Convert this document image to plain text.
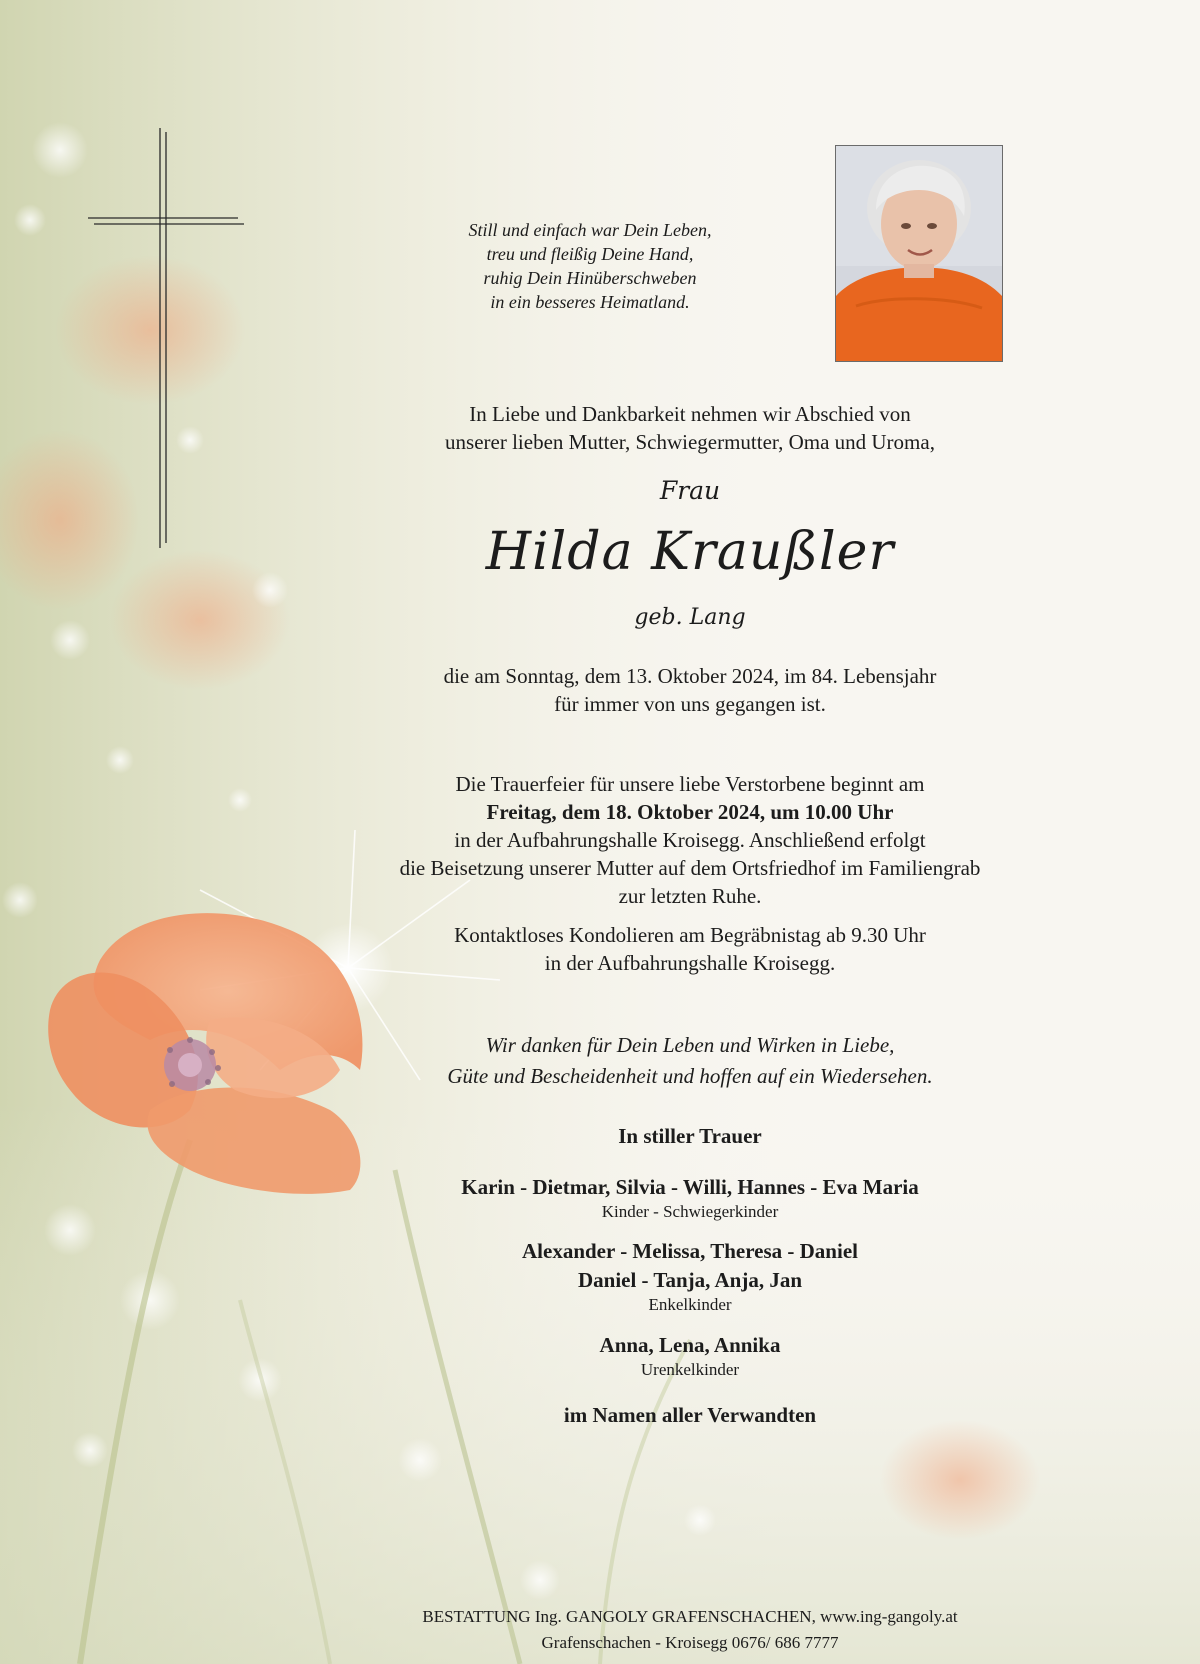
Still und einfach war Dein Leben,
treu und fleißig Deine Hand,
ruhig Dein Hinüberschweben
in ein besseres Heimatland.
In Liebe und Dankbarkeit nehmen wir Abschied von
unserer lieben Mutter, Schwiegermutter, Oma und Uroma,
Frau
Hilda Kraußler
geb. Lang
die am Sonntag, dem 13. Oktober 2024, im 84. Lebensjahr
für immer von uns gegangen ist.
Die Trauerfeier für unsere liebe Verstorbene beginnt am
Freitag, dem 18. Oktober 2024, um 10.00 Uhr
in der Aufbahrungshalle Kroisegg. Anschließend erfolgt
die Beisetzung unserer Mutter auf dem Ortsfriedhof im Familiengrab
zur letzten Ruhe.
Kontaktloses Kondolieren am Begräbnistag ab 9.30 Uhr
in der Aufbahrungshalle Kroisegg.
Wir danken für Dein Leben und Wirken in Liebe,
Güte und Bescheidenheit und hoffen auf ein Wiedersehen.
In stiller Trauer
Karin - Dietmar, Silvia - Willi, Hannes - Eva Maria
Kinder - Schwiegerkinder
Alexander - Melissa, Theresa - Daniel
Daniel - Tanja, Anja, Jan
Enkelkinder
Anna, Lena, Annika
Urenkelkinder
im Namen aller Verwandten
BESTATTUNG Ing. GANGOLY GRAFENSCHACHEN, www.ing-gangoly.at
Grafenschachen - Kroisegg 0676/ 686 7777
